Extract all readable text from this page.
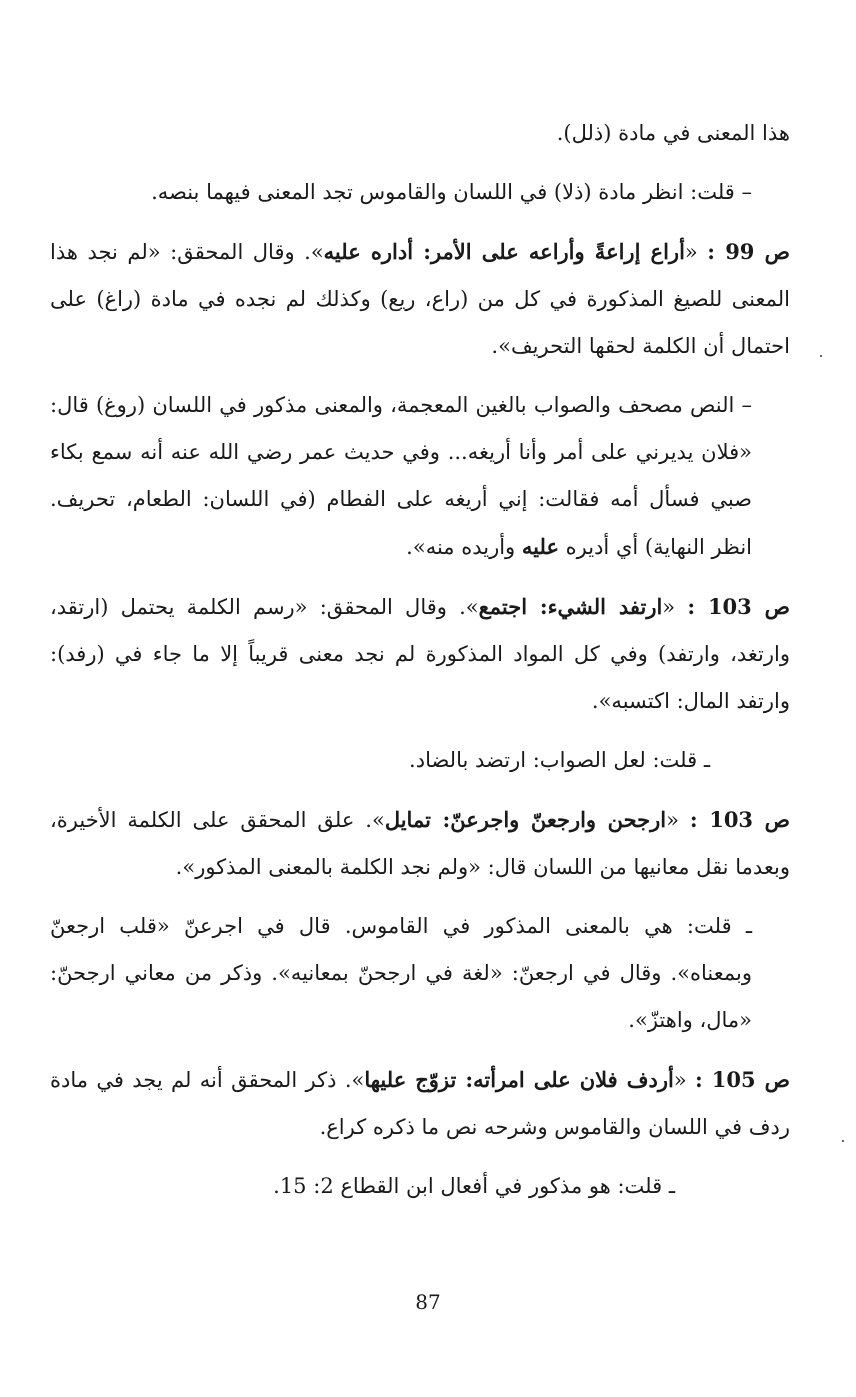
هذا المعنى في مادة (ذلل).

– قلت: انظر مادة (ذلا) في اللسان والقاموس تجد المعنى فيهما بنصه.

ص 99 : «أراع إراعةً وأراعه على الأمر: أداره عليه». وقال المحقق: «لم نجد هذا المعنى للصيغ المذكورة في كل من (راع، ريع) وكذلك لم نجده في مادة (راغ) على احتمال أن الكلمة لحقها التحريف».

– النص مصحف والصواب بالغين المعجمة، والمعنى مذكور في اللسان (روغ) قال: «فلان يديرني على أمر وأنا أريغه... وفي حديث عمر رضي الله عنه أنه سمع بكاء صبي فسأل أمه فقالت: إني أريغه على الفطام (في اللسان: الطعام، تحريف. انظر النهاية) أي أديره عليه وأريده منه».

ص 103 : «ارتفد الشيء: اجتمع». وقال المحقق: «رسم الكلمة يحتمل (ارتقد، وارتغد، وارتفد) وفي كل المواد المذكورة لم نجد معنى قريباً إلا ما جاء في (رفد): وارتفد المال: اكتسبه».

ـ قلت: لعل الصواب: ارتضد بالضاد.

ص 103 : «ارجحن وارجعنّ واجرعنّ: تمايل». علق المحقق على الكلمة الأخيرة، وبعدما نقل معانيها من اللسان قال: «ولم نجد الكلمة بالمعنى المذكور».

ـ قلت: هي بالمعنى المذكور في القاموس. قال في اجرعنّ «قلب ارجعنّ وبمعناه». وقال في ارجعنّ: «لغة في ارجحنّ بمعانيه». وذكر من معاني ارجحنّ: «مال، واهتزّ».

ص 105 : «أردف فلان على امرأته: تزوّج عليها». ذكر المحقق أنه لم يجد في مادة ردف في اللسان والقاموس وشرحه نص ما ذكره كراع.

ـ قلت: هو مذكور في أفعال ابن القطاع 2: 15.

87
